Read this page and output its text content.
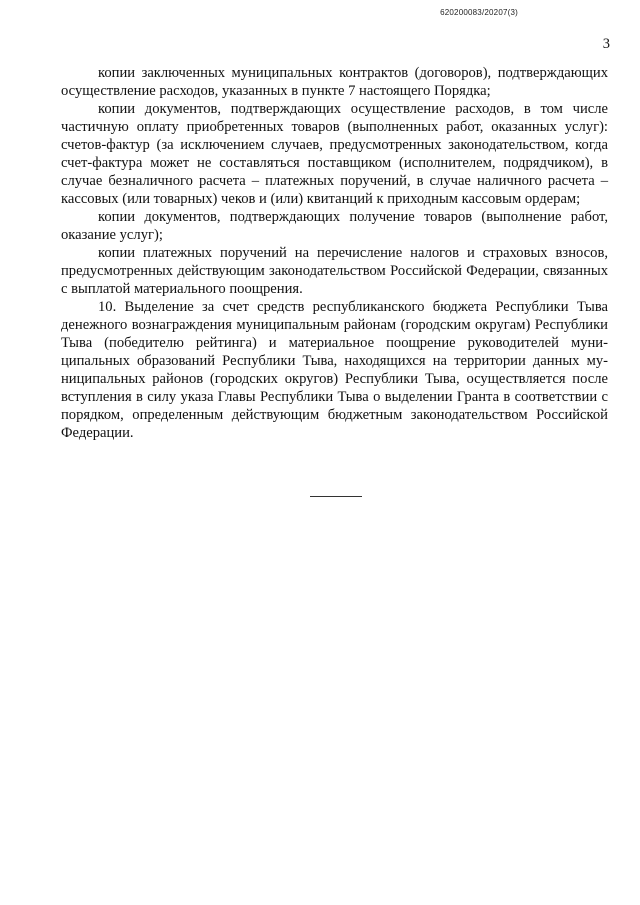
620200083/20207(3)
3

копии заключенных муниципальных контрактов (договоров), подтверждающих осуществление расходов, указанных в пункте 7 настоящего Порядка;

копии документов, подтверждающих осуществление расходов, в том числе частичную оплату приобретенных товаров (выполненных работ, оказанных услуг): счетов-фактур (за исключением случаев, предусмотренных законодательством, когда счет-фактура может не составляться поставщиком (исполнителем, подрядчиком), в случае безналичного расчета – платежных поручений, в случае наличного расчета – кассовых (или товарных) чеков и (или) квитанций к приходным кассовым ордерам;

копии документов, подтверждающих получение товаров (выполнение работ, оказание услуг);

копии платежных поручений на перечисление налогов и страховых взносов, предусмотренных действующим законодательством Российской Федерации, связанных с выплатой материального поощрения.

10. Выделение за счет средств республиканского бюджета Республики Тыва денежного вознаграждения муниципальным районам (городским округам) Республики Тыва (победителю рейтинга) и материальное поощрение руководителей муниципальных образований Республики Тыва, находящихся на территории данных муниципальных районов (городских округов) Республики Тыва, осуществляется после вступления в силу указа Главы Республики Тыва о выделении Гранта в соответствии с порядком, определенным действующим бюджетным законодательством Российской Федерации.
